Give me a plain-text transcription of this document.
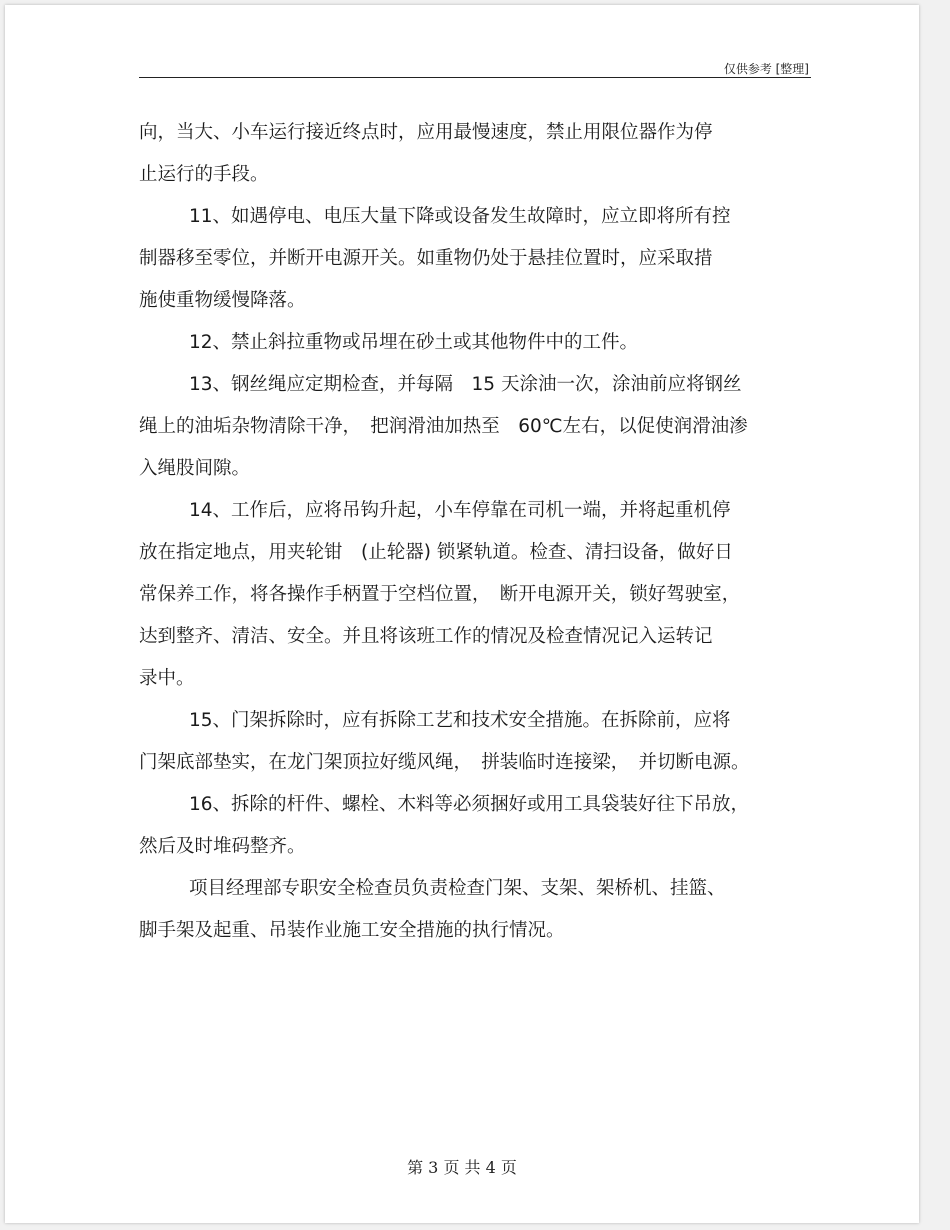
仅供参考 [整理]
向，当大、小车运行接近终点时，应用最慢速度，禁止用限位器作为停
止运行的手段。
11、如遇停电、电压大量下降或设备发生故障时，应立即将所有控
制器移至零位，并断开电源开关。如重物仍处于悬挂位置时，应采取措
施使重物缓慢降落。
12、禁止斜拉重物或吊埋在砂土或其他物件中的工件。
13、钢丝绳应定期检查，并每隔　15 天涂油一次，涂油前应将钢丝
绳上的油垢杂物清除干净，　把润滑油加热至　60℃左右，以促使润滑油渗
入绳股间隙。
14、工作后，应将吊钩升起，小车停靠在司机一端，并将起重机停
放在指定地点，用夹轮钳　(止轮器) 锁紧轨道。检查、清扫设备，做好日
常保养工作，将各操作手柄置于空档位置，　断开电源开关，锁好驾驶室，
达到整齐、清洁、安全。并且将该班工作的情况及检查情况记入运转记
录中。
15、门架拆除时，应有拆除工艺和技术安全措施。在拆除前，应将
门架底部垫实，在龙门架顶拉好缆风绳，　拼装临时连接梁，　并切断电源。
16、拆除的杆件、螺栓、木料等必须捆好或用工具袋装好往下吊放，
然后及时堆码整齐。
项目经理部专职安全检查员负责检查门架、支架、架桥机、挂篮、
脚手架及起重、吊装作业施工安全措施的执行情况。
第 3 页 共 4 页
